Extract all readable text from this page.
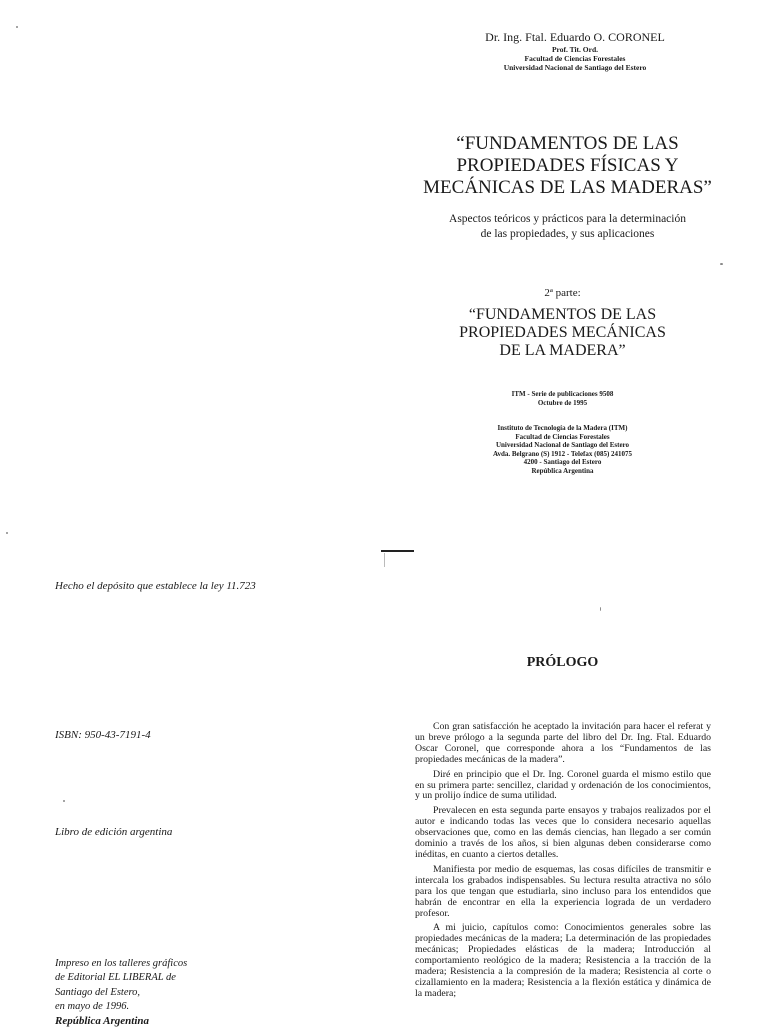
Dr. Ing. Ftal. Eduardo O. CORONEL
Prof. Tit. Ord.
Facultad de Ciencias Forestales
Universidad Nacional de Santiago del Estero
“FUNDAMENTOS DE LAS
PROPIEDADES FÍSICAS Y
MECÁNICAS DE LAS MADERAS”
Aspectos teóricos y prácticos para la determinación
de las propiedades, y sus aplicaciones
2ª parte:
“FUNDAMENTOS DE LAS
PROPIEDADES MECÁNICAS
DE LA MADERA”
ITM - Serie de publicaciones 9508
Octubre de 1995
Instituto de Tecnología de la Madera (ITM)
Facultad de Ciencias Forestales
Universidad Nacional de Santiago del Estero
Avda. Belgrano (S) 1912 - Telefax (085) 241075
4200 - Santiago del Estero
República Argentina
Hecho el depósito que establece la ley 11.723
ISBN: 950-43-7191-4
Libro de edición argentina
Impreso en los talleres gráficos
de Editorial EL LIBERAL de
Santiago del Estero,
en mayo de 1996.
República Argentina
PRÓLOGO

Con gran satisfacción he aceptado la invitación para hacer el referat y un breve prólogo a la segunda parte del libro del Dr. Ing. Ftal. Eduardo Oscar Coronel, que corresponde ahora a los “Fundamentos de las propiedades mecánicas de la madera”.

Diré en principio que el Dr. Ing. Coronel guarda el mismo estilo que en su primera parte: sencillez, claridad y ordenación de los conocimientos, y un prolijo índice de suma utilidad.

Prevalecen en esta segunda parte ensayos y trabajos realizados por el autor e indicando todas las veces que lo considera necesario aquellas observaciones que, como en las demás ciencias, han llegado a ser común dominio a través de los años, si bien algunas deben considerarse como inéditas, en cuanto a ciertos detalles.

Manifiesta por medio de esquemas, las cosas difíciles de transmitir e intercala los grabados indispensables. Su lectura resulta atractiva no sólo para los que tengan que estudiarla, sino incluso para los entendidos que habrán de encontrar en ella la experiencia lograda de un verdadero profesor.

A mi juicio, capítulos como: Conocimientos generales sobre las propiedades mecánicas de la madera; La determinación de las propiedades mecánicas; Propiedades elásticas de la madera; Introducción al comportamiento reológico de la madera; Resistencia a la tracción de la madera; Resistencia a la compresión de la madera; Resistencia al corte o cizallamiento en la madera; Resistencia a la flexión estática y dinámica de la madera;
